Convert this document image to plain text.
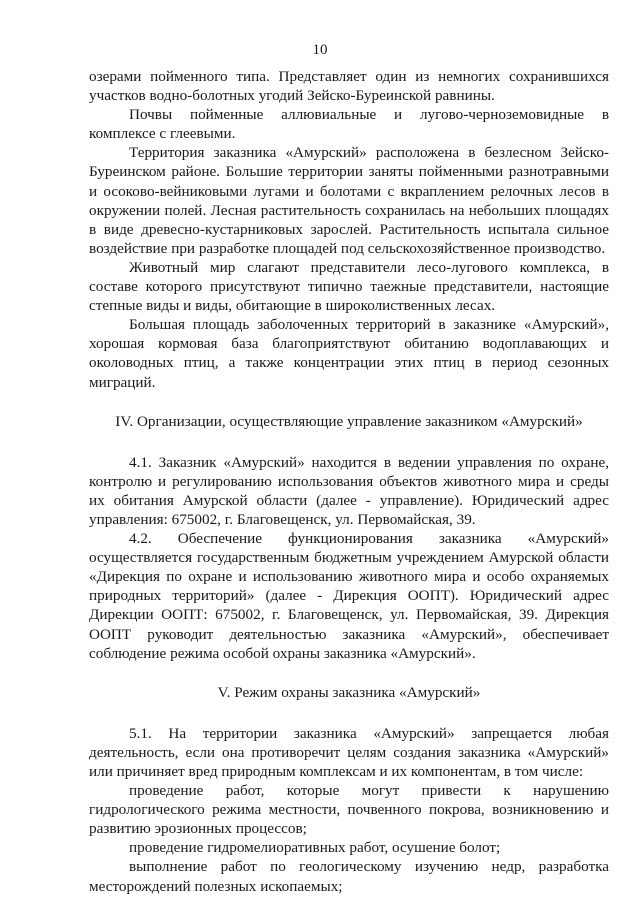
10

озерами пойменного типа. Представляет один из немногих сохранившихся участков водно-болотных угодий Зейско-Буреинской равнины.

Почвы пойменные аллювиальные и лугово-черноземовидные в комплексе с глеевыми.

Территория заказника «Амурский» расположена в безлесном Зейско-Буреинском районе. Большие территории заняты пойменными разнотравными и осоково-вейниковыми лугами и болотами с вкраплением релочных лесов в окружении полей. Лесная растительность сохранилась на небольших площадях в виде древесно-кустарниковых зарослей. Растительность испытала сильное воздействие при разработке площадей под сельскохозяйственное производство.

Животный мир слагают представители лесо-лугового комплекса, в составе которого присутствуют типично таежные представители, настоящие степные виды и виды, обитающие в широколиственных лесах.

Большая площадь заболоченных территорий в заказнике «Амурский», хорошая кормовая база благоприятствуют обитанию водоплавающих и околоводных птиц, а также концентрации этих птиц в период сезонных миграций.

IV. Организации, осуществляющие управление заказником «Амурский»

4.1. Заказник «Амурский» находится в ведении управления по охране, контролю и регулированию использования объектов животного мира и среды их обитания Амурской области (далее - управление). Юридический адрес управления: 675002, г. Благовещенск, ул. Первомайская, 39.

4.2. Обеспечение функционирования заказника «Амурский» осуществляется государственным бюджетным учреждением Амурской области «Дирекция по охране и использованию животного мира и особо охраняемых природных территорий» (далее - Дирекция ООПТ). Юридический адрес Дирекции ООПТ: 675002, г. Благовещенск, ул. Первомайская, 39. Дирекция ООПТ руководит деятельностью заказника «Амурский», обеспечивает соблюдение режима особой охраны заказника «Амурский».

V. Режим охраны заказника «Амурский»

5.1. На территории заказника «Амурский» запрещается любая деятельность, если она противоречит целям создания заказника «Амурский» или причиняет вред природным комплексам и их компонентам, в том числе:

проведение работ, которые могут привести к нарушению гидрологического режима местности, почвенного покрова, возникновению и развитию эрозионных процессов;

проведение гидромелиоративных работ, осушение болот;

выполнение работ по геологическому изучению недр, разработка месторождений полезных ископаемых;
